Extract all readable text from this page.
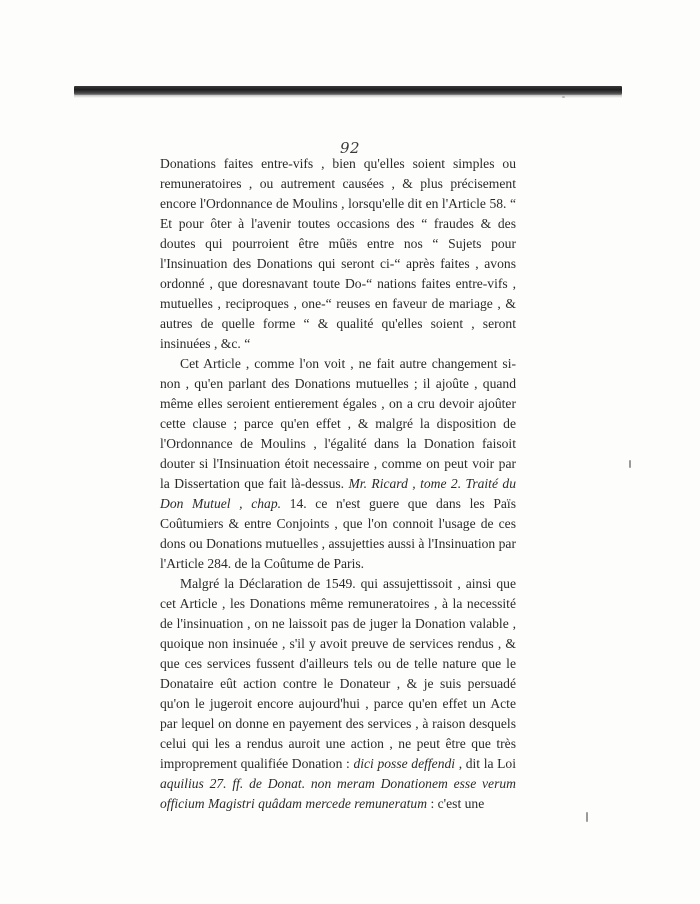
92

Donations faites entre-vifs , bien qu'elles soient simples ou remuneratoires , ou autrement causées , & plus précisement encore l'Ordonnance de Moulins , lorsqu'elle dit en l'Article 58. “ Et pour ôter à l'avenir toutes occasions des “ fraudes & des doutes qui pourroient être mûës entre nos “ Sujets pour l'Insinuation des Donations qui seront ci-“ après faites , avons ordonné , que doresnavant toute Do-“ nations faites entre-vifs , mutuelles , reciproques , one-“ reuses en faveur de mariage , & autres de quelle forme “ & qualité qu'elles soient , seront insinuées , &c. “

Cet Article , comme l'on voit , ne fait autre changement si-non , qu'en parlant des Donations mutuelles ; il ajoûte , quand même elles seroient entierement égales , on a cru devoir ajoûter cette clause ; parce qu'en effet , & malgré la disposition de l'Ordonnance de Moulins , l'égalité dans la Donation faisoit douter si l'Insinuation étoit necessaire , comme on peut voir par la Dissertation que fait là-dessus. Mr. Ricard , tome 2. Traité du Don Mutuel , chap. 14. ce n'est guere que dans les Païs Coûtumiers & entre Conjoints , que l'on connoit l'usage de ces dons ou Donations mutuelles , assujetties aussi à l'Insinuation par l'Article 284. de la Coûtume de Paris.

Malgré la Déclaration de 1549. qui assujettissoit , ainsi que cet Article , les Donations même remuneratoires , à la necessité de l'insinuation , on ne laissoit pas de juger la Donation valable , quoique non insinuée , s'il y avoit preuve de services rendus , & que ces services fussent d'ailleurs tels ou de telle nature que le Donataire eût action contre le Donateur , & je suis persuadé qu'on le jugeroit encore aujourd'hui , parce qu'en effet un Acte par lequel on donne en payement des services , à raison desquels celui qui les a rendus auroit une action , ne peut être que très improprement qualifiée Donation : dici posse deffendi , dit la Loi aquilius 27. ff. de Donat. non meram Donationem esse verum officium Magistri quâdam mercede remuneratum : c'est une
